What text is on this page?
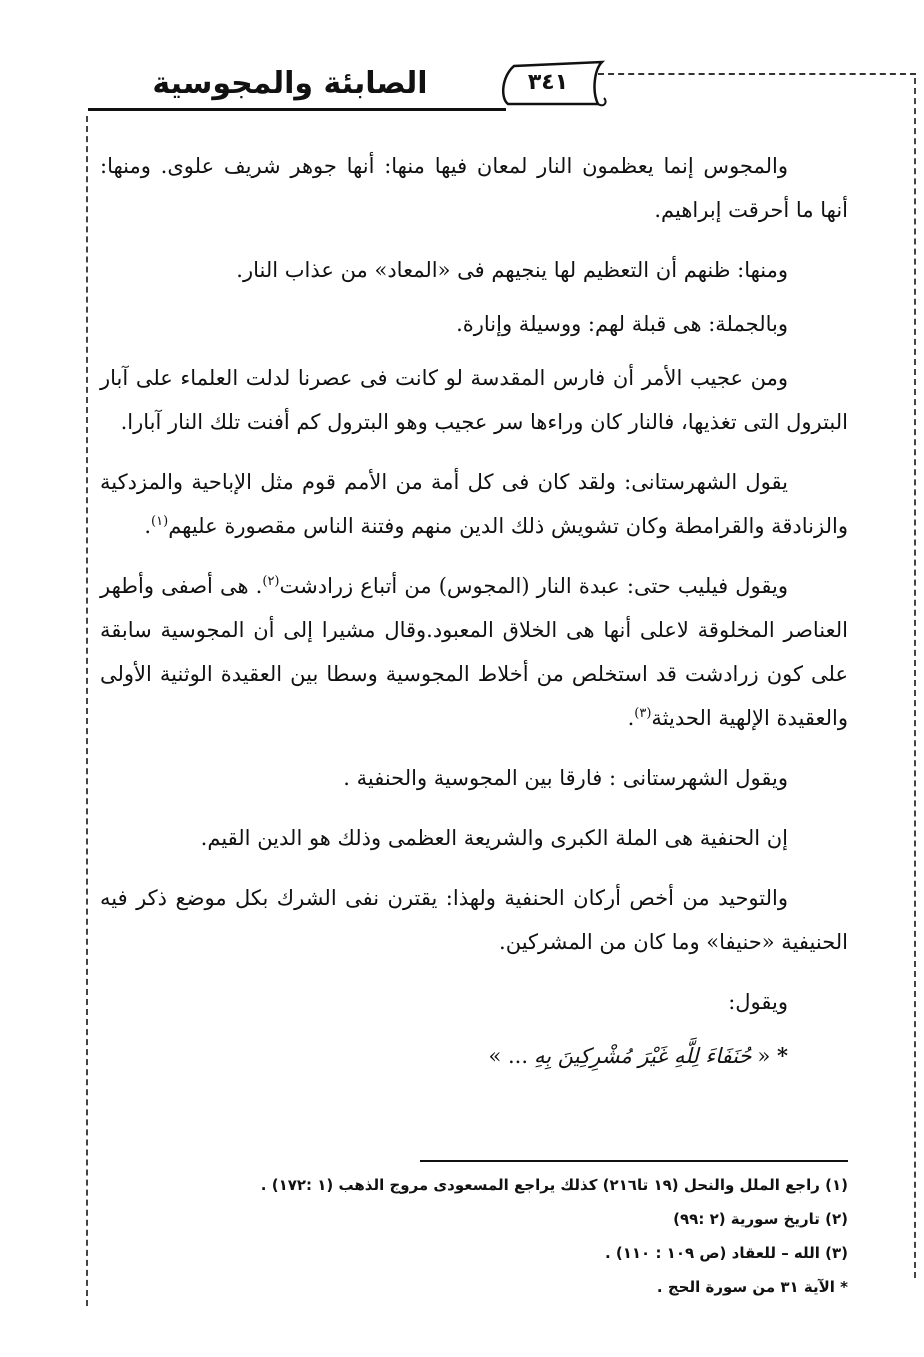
الصابئة والمجوسية	٣٤١

والمجوس إنما يعظمون النار لمعان فيها منها: أنها جوهر شريف علوى. ومنها: أنها ما أحرقت إبراهيم.

ومنها: ظنهم أن التعظيم لها ينجيهم فى «المعاد» من عذاب النار.

وبالجملة: هى قبلة لهم: ووسيلة وإنارة.

ومن عجيب الأمر أن فارس المقدسة لو كانت فى عصرنا لدلت العلماء على آبار البترول التى تغذيها، فالنار كان وراءها سر عجيب وهو البترول كم أفنت تلك النار آبارا.

يقول الشهرستانى: ولقد كان فى كل أمة من الأمم قوم مثل الإباحية والمزدكية والزنادقة والقرامطة وكان تشويش ذلك الدين منهم وفتنة الناس مقصورة عليهم$^{(١)}$.

ويقول فيليب حتى: عبدة النار (المجوس) من أتباع زرادشت$^{(٢)}$. هى أصفى وأطهر العناصر المخلوقة لاعلى أنها هى الخلاق المعبود.وقال مشيرا إلى أن المجوسية سابقة على كون زرادشت قد استخلص من أخلاط المجوسية وسطا بين العقيدة الوثنية الأولى والعقيدة الإلهية الحديثة$^{(٣)}$.

ويقول الشهرستانى : فارقا بين المجوسية والحنفية .

إن الحنفية هى الملة الكبرى والشريعة العظمى وذلك هو الدين القيم.

والتوحيد من أخص أركان الحنفية ولهذا: يقترن نفى الشرك بكل موضع ذكر فيه الحنيفية «حنيفا» وما كان من المشركين.

ويقول:

* «حُنَفَاءَ لِلَّهِ غَيْرَ مُشْرِكِينَ بِهِ... »

(١) راجع الملل والنحل (١٩ تا٢١٦) كذلك يراجع المسعودى مروج الذهب (١ :١٧٢) .
(٢) تاريخ سورية (٢ :٩٩)
(٣) الله – للعقاد (ص ١٠٩ : ١١٠) .
* الآية ٣١ من سورة الحج .
